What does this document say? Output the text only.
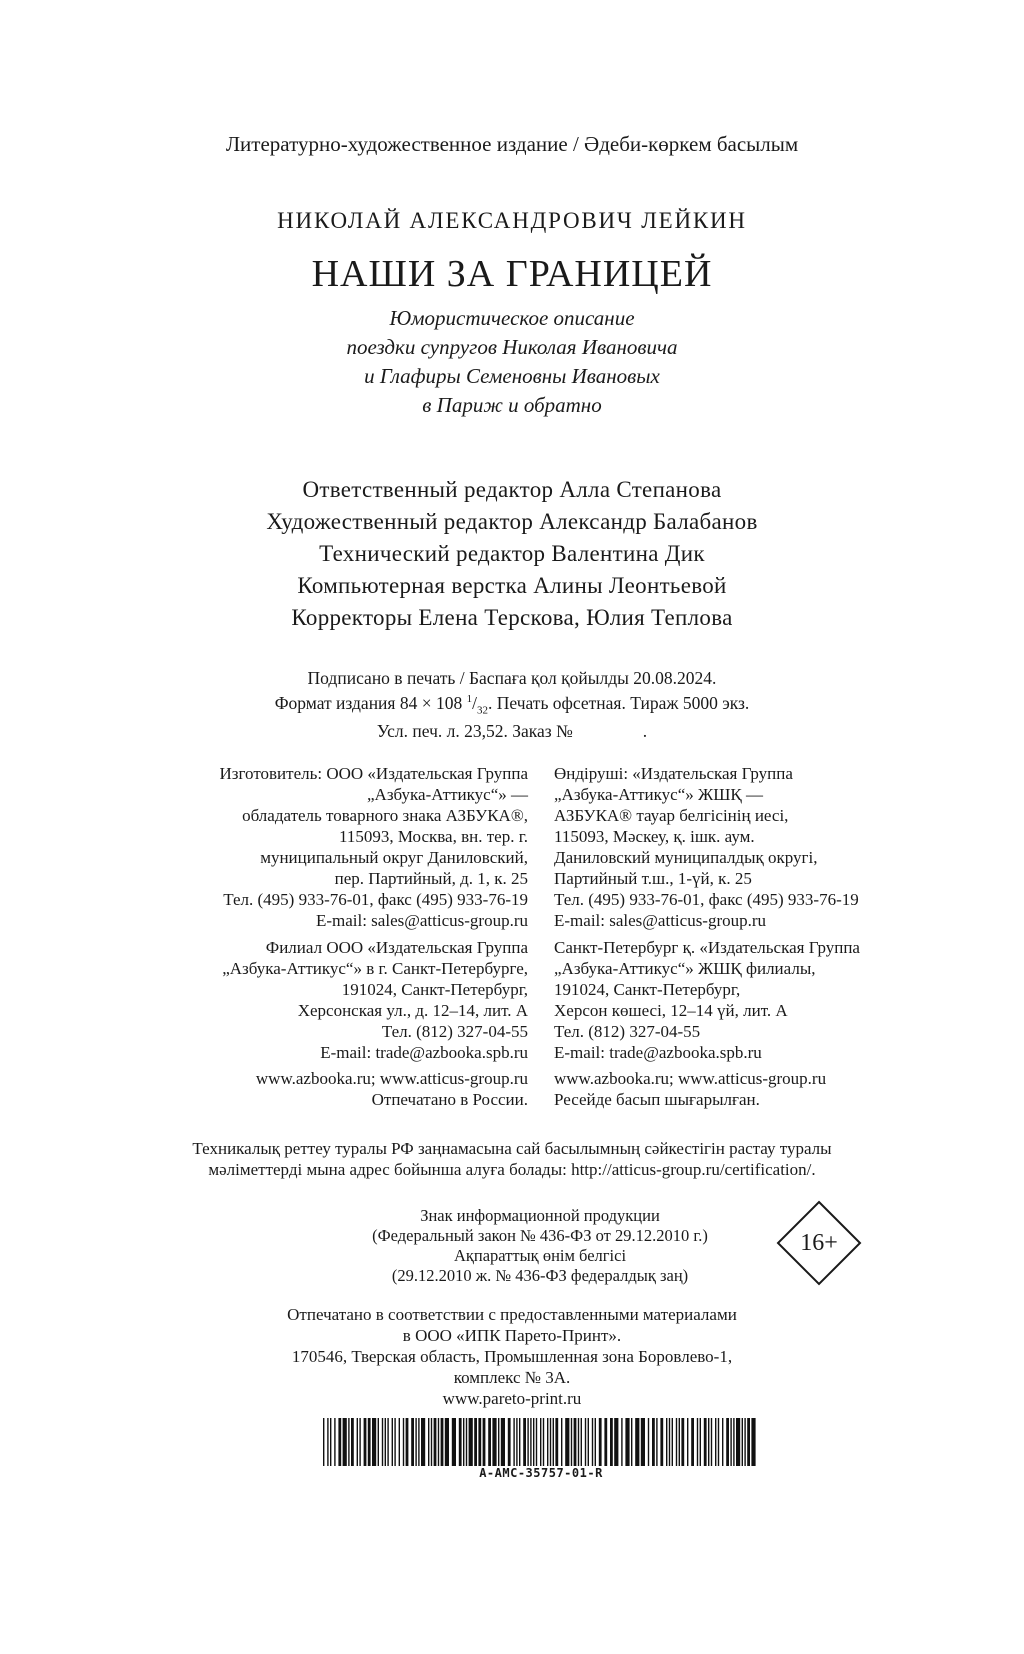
Литературно-художественное издание / Әдеби-көркем басылым
НИКОЛАЙ АЛЕКСАНДРОВИЧ ЛЕЙКИН
НАШИ ЗА ГРАНИЦЕЙ
Юмористическое описание
поездки супругов Николая Ивановича
и Глафиры Семеновны Ивановых
в Париж и обратно
Ответственный редактор Алла Степанова
Художественный редактор Александр Балабанов
Технический редактор Валентина Дик
Компьютерная верстка Алины Леонтьевой
Корректоры Елена Терскова, Юлия Теплова
Подписано в печать / Баспаға қол қойылды 20.08.2024.
Формат издания 84 × 108 $^1/_{32}$. Печать офсетная. Тираж 5000 экз.
Усл. печ. л. 23,52. Заказ №                .
Изготовитель: ООО «Издательская Группа
„Азбука-Аттикус“» —
обладатель товарного знака АЗБУКА®,
115093, Москва, вн. тер. г.
муниципальный округ Даниловский,
пер. Партийный, д. 1, к. 25
Тел. (495) 933-76-01, факс (495) 933-76-19
E-mail: sales@atticus-group.ru
Өндіруші: «Издательская Группа
„Азбука-Аттикус“» ЖШҚ —
АЗБУКА® тауар белгісінің иесі,
115093, Мәскеу, қ. ішк. аум.
Даниловский муниципалдық округі,
Партийный т.ш., 1-үй, к. 25
Тел. (495) 933-76-01, факс (495) 933-76-19
E-mail: sales@atticus-group.ru
Филиал ООО «Издательская Группа
„Азбука-Аттикус“» в г. Санкт-Петербурге,
191024, Санкт-Петербург,
Херсонская ул., д. 12–14, лит. А
Тел. (812) 327-04-55
E-mail: trade@azbooka.spb.ru
Санкт-Петербург қ. «Издательская Группа
„Азбука-Аттикус“» ЖШҚ филиалы,
191024, Санкт-Петербург,
Херсон көшесі, 12–14 үй, лит. А
Тел. (812) 327-04-55
E-mail: trade@azbooka.spb.ru
www.azbooka.ru; www.atticus-group.ru
Отпечатано в России.
www.azbooka.ru; www.atticus-group.ru
Ресейде басып шығарылған.
Техникалық реттеу туралы РФ заңнамасына сай басылымның сәйкестігін растау туралы
мәліметтерді мына адрес бойынша алуға болады: http://atticus-group.ru/certification/.
Знак информационной продукции
(Федеральный закон № 436-ФЗ от 29.12.2010 г.)
Ақпараттық өнім белгісі
(29.12.2010 ж. № 436-ФЗ федералдық заң)
16+
Отпечатано в соответствии с предоставленными материалами
в ООО «ИПК Парето-Принт».
170546, Тверская область, Промышленная зона Боровлево-1,
комплекс № 3А.
www.pareto-print.ru
A-AMC-35757-01-R
